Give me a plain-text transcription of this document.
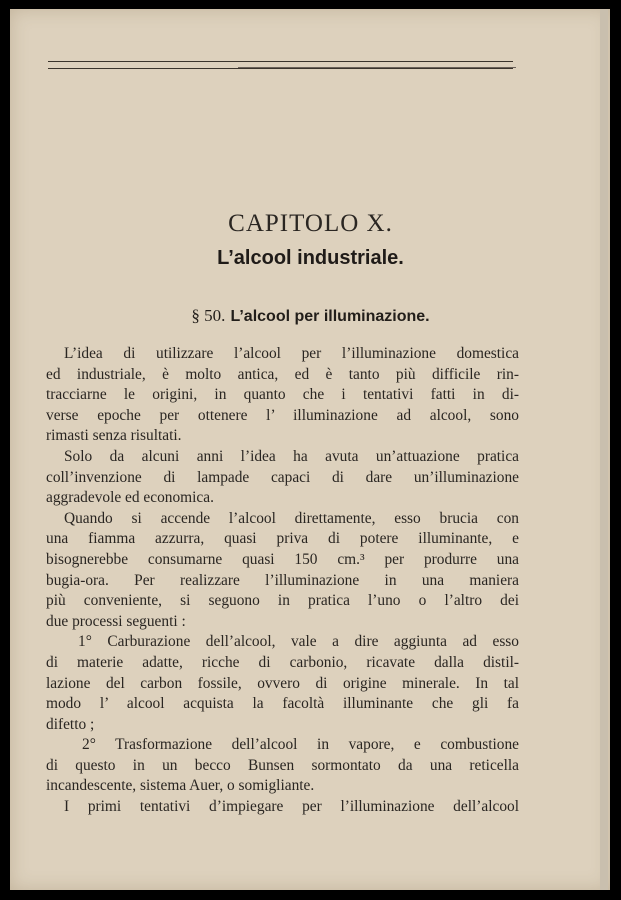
CAPITOLO X.
L’alcool industriale.
§ 50. L’alcool per illuminazione.
L’idea di utilizzare l’alcool per l’illuminazione domestica
ed industriale, è molto antica, ed è tanto più difficile rin-
tracciarne le origini, in quanto che i tentativi fatti in di-
verse epoche per ottenere l’ illuminazione ad alcool, sono
rimasti senza risultati.
Solo da alcuni anni l’idea ha avuta un’attuazione pratica
coll’invenzione di lampade capaci di dare un’illuminazione
aggradevole ed economica.
Quando si accende l’alcool direttamente, esso brucia con
una fiamma azzurra, quasi priva di potere illuminante, e
bisognerebbe consumarne quasi 150 cm.³ per produrre una
bugia-ora. Per realizzare l’illuminazione in una maniera
più conveniente, si seguono in pratica l’uno o l’altro dei
due processi seguenti :
1° Carburazione dell’alcool, vale a dire aggiunta ad esso
di materie adatte, ricche di carbonio, ricavate dalla distil-
lazione del carbon fossile, ovvero di origine minerale. In tal
modo l’ alcool acquista la facoltà illuminante che gli fa
difetto ;
2° Trasformazione dell’alcool in vapore, e combustione
di questo in un becco Bunsen sormontato da una reticella
incandescente, sistema Auer, o somigliante.
I primi tentativi d’impiegare per l’illuminazione dell’alcool
